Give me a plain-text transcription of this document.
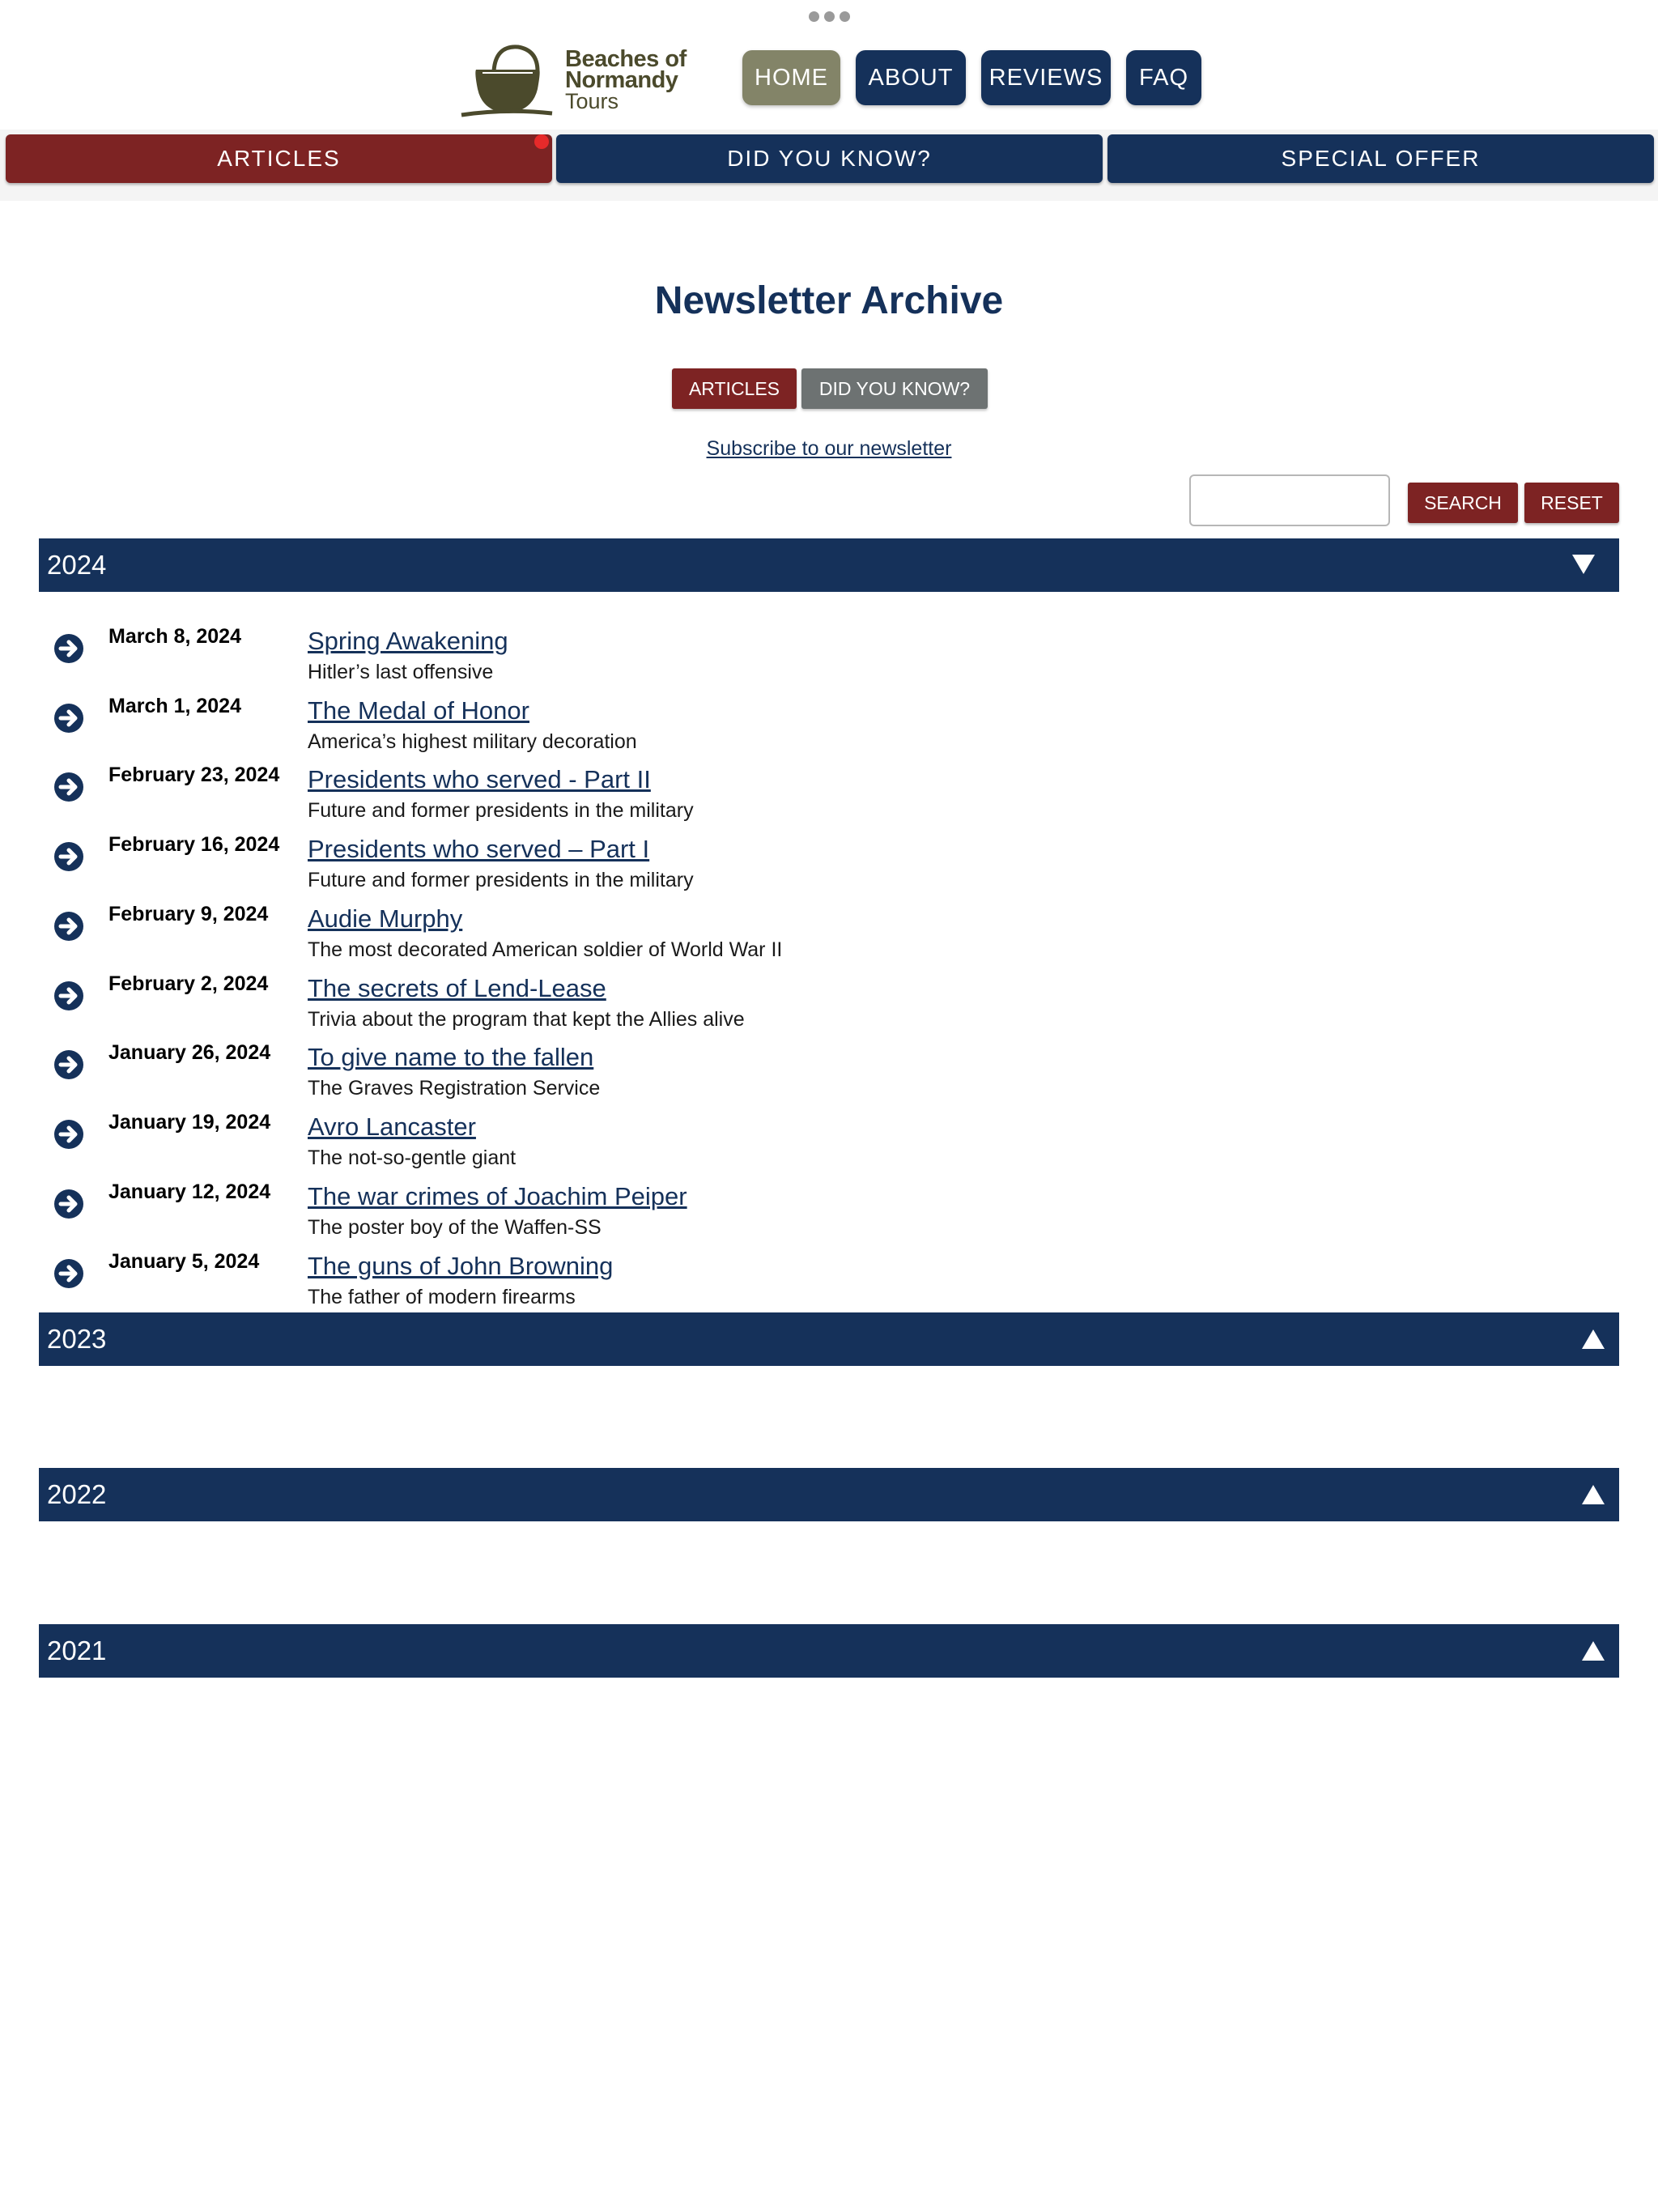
Beaches of
Normandy
Tours
HOME	ABOUT	REVIEWS	FAQ
ARTICLES	DID YOU KNOW?	SPECIAL OFFER
Newsletter Archive
ARTICLES	DID YOU KNOW?
Subscribe to our newsletter
SEARCH	RESET
2024
March 8, 2024	Spring Awakening
Hitler’s last offensive
March 1, 2024	The Medal of Honor
America’s highest military decoration
February 23, 2024 Presidents who served - Part II
Future and former presidents in the military
February 16, 2024 Presidents who served – Part I
Future and former presidents in the military
February 9, 2024 Audie Murphy
The most decorated American soldier of World War II
February 2, 2024 The secrets of Lend-Lease
Trivia about the program that kept the Allies alive
January 26, 2024 To give name to the fallen
The Graves Registration Service
January 19, 2024 Avro Lancaster
The not-so-gentle giant
January 12, 2024 The war crimes of Joachim Peiper
The poster boy of the Waffen-SS
January 5, 2024 The guns of John Browning
The father of modern firearms
2023
2022
2021
